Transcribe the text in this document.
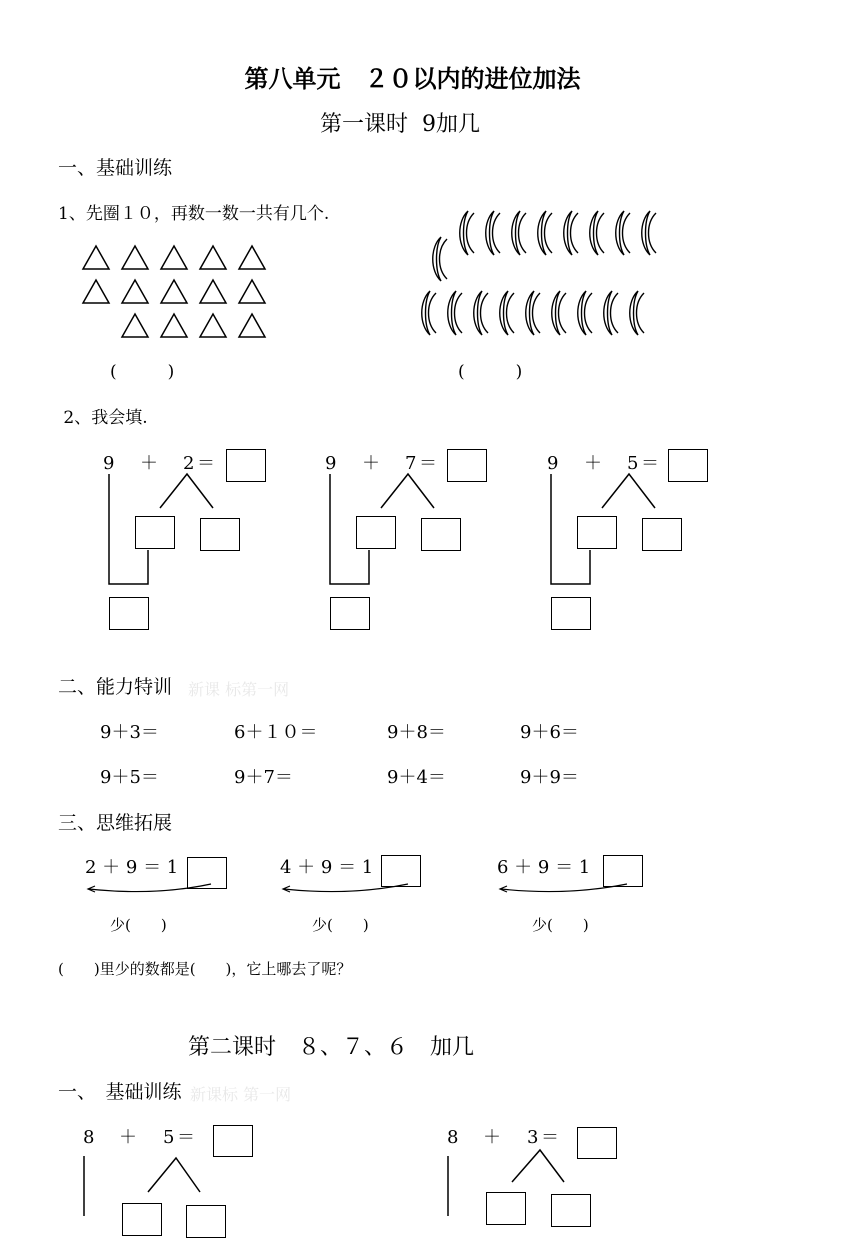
第八单元　２０以内的进位加法
第一课时  9加几
一、基础训练
1、先圈１０，再数一数一共有几个.
(　　　)	(　　　)
2、我会填.
9 ＋ 2 ＝	9 ＋ 7 ＝	9 ＋ 5 ＝
二、能力特训 新课 标第一网
9＋3＝	6＋１０＝	9＋8＝	9＋6＝
9＋5＝	9＋7＝	9＋4＝	9＋9＝
三、思维拓展
2 ＋ 9 ＝ 1
少(　　)
4 ＋ 9 ＝ 1
少(　　)
6 ＋ 9 ＝ 1
少(　　)
(　　)里少的数都是(　　)，它上哪去了呢？
第二课时　８、７、６　加几
一、　基础训练 新课标 第一网
8 ＋ 5 ＝	8 ＋ 3 ＝
